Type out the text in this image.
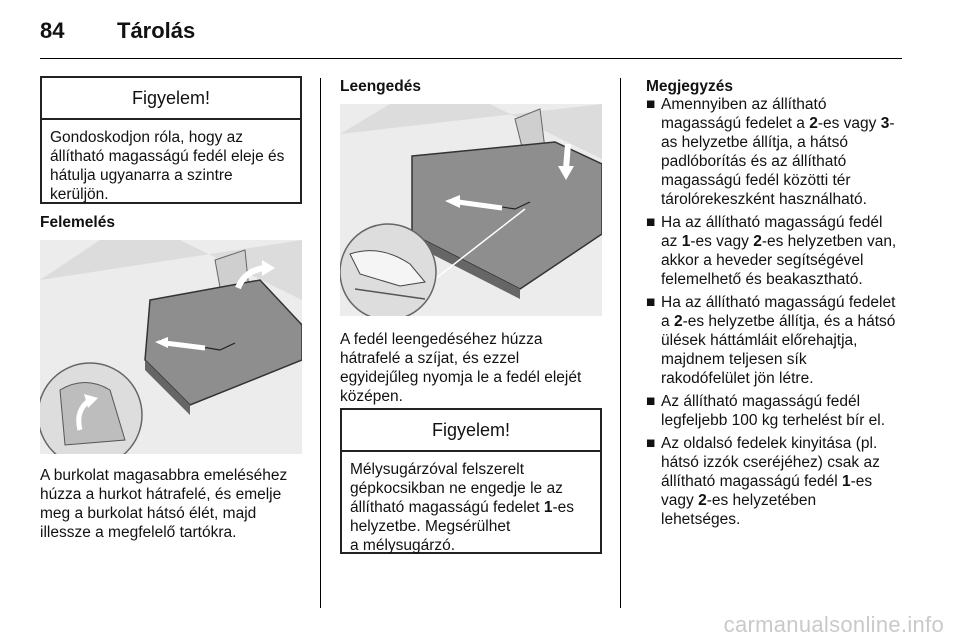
84 Tárolás
Figyelem!
Gondoskodjon róla, hogy az
állítható magasságú fedél eleje és
hátulja ugyanarra a szintre
kerüljön.
Felemelés
A burkolat magasabbra emeléséhez
húzza a hurkot hátrafelé, és emelje
meg a burkolat hátsó élét, majd
illessze a megfelelő tartókra.
Leengedés
A fedél leengedéséhez húzza
hátrafelé a szíjat, és ezzel
egyidejűleg nyomja le a fedél elejét
középen.
Figyelem!
Mélysugárzóval felszerelt
gépkocsikban ne engedje le az
állítható magasságú fedelet 1-es
helyzetbe. Megsérülhet
a mélysugárzó.
Megjegyzés
■ Amennyiben az állítható
magasságú fedelet a 2-es vagy 3-
as helyzetbe állítja, a hátsó
padlóborítás és az állítható
magasságú fedél közötti tér
tárolórekeszként használható.
■ Ha az állítható magasságú fedél
az 1-es vagy 2-es helyzetben van,
akkor a heveder segítségével
felemelhető és beakasztható.
■ Ha az állítható magasságú fedelet
a 2-es helyzetbe állítja, és a hátsó
ülések háttámláit előrehajtja,
majdnem teljesen sík
rakodófelület jön létre.
■ Az állítható magasságú fedél
legfeljebb 100 kg terhelést bír el.
■ Az oldalsó fedelek kinyitása (pl.
hátsó izzók cseréjéhez) csak az
állítható magasságú fedél 1-es
vagy 2-es helyzetében
lehetséges.
carmanualsonline.info
